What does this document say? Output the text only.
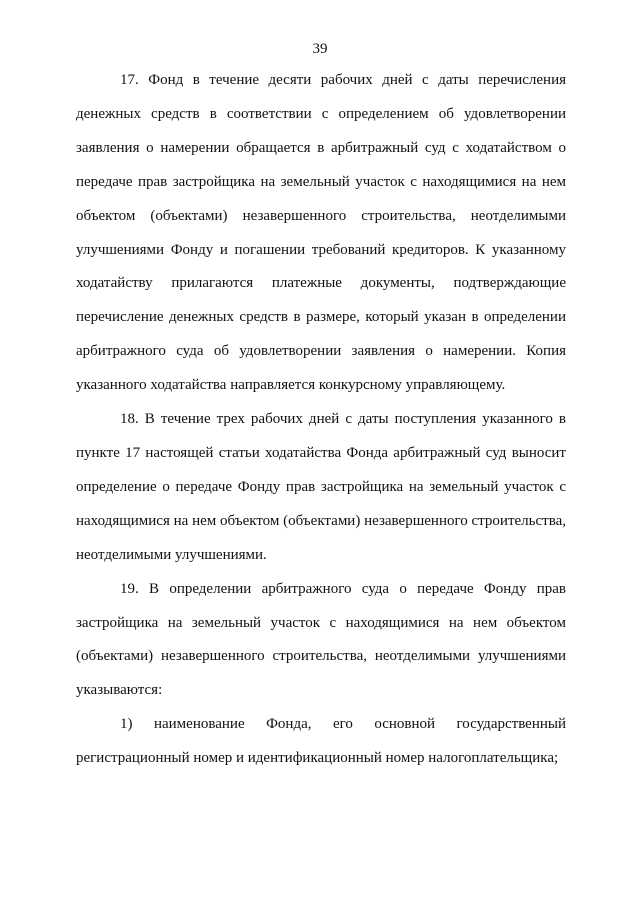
39

17. Фонд в течение десяти рабочих дней с даты перечисления денежных средств в соответствии с определением об удовлетворении заявления о намерении обращается в арбитражный суд с ходатайством о передаче прав застройщика на земельный участок с находящимися на нем объектом (объектами) незавершенного строительства, неотделимыми улучшениями Фонду и погашении требований кредиторов. К указанному ходатайству прилагаются платежные документы, подтверждающие перечисление денежных средств в размере, который указан в определении арбитражного суда об удовлетворении заявления о намерении. Копия указанного ходатайства направляется конкурсному управляющему.

18. В течение трех рабочих дней с даты поступления указанного в пункте 17 настоящей статьи ходатайства Фонда арбитражный суд выносит определение о передаче Фонду прав застройщика на земельный участок с находящимися на нем объектом (объектами) незавершенного строительства, неотделимыми улучшениями.

19. В определении арбитражного суда о передаче Фонду прав застройщика на земельный участок с находящимися на нем объектом (объектами) незавершенного строительства, неотделимыми улучшениями указываются:

1) наименование Фонда, его основной государственный регистрационный номер и идентификационный номер налогоплательщика;
